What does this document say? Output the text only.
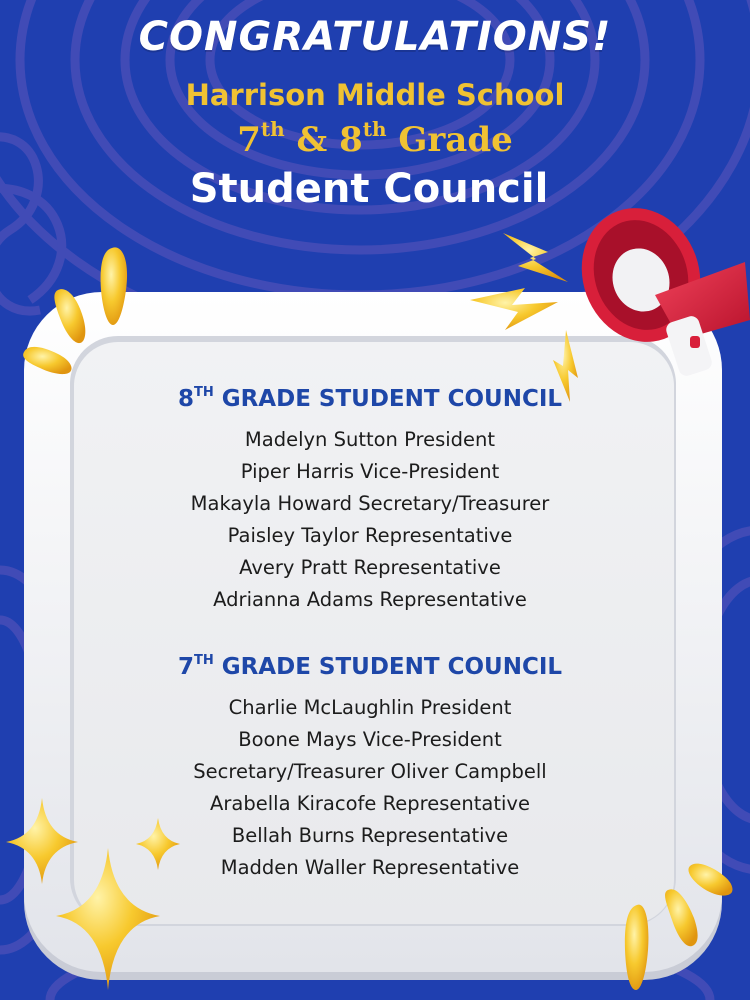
CONGRATULATIONS!
Harrison Middle School
7th & 8th Grade
Student Council
8TH GRADE STUDENT COUNCIL
Madelyn Sutton President
Piper Harris Vice-President
Makayla Howard Secretary/Treasurer
Paisley Taylor Representative
Avery Pratt Representative
Adrianna Adams Representative
7TH GRADE STUDENT COUNCIL
Charlie McLaughlin President
Boone Mays Vice-President
Secretary/Treasurer Oliver Campbell
Arabella Kiracofe Representative
Bellah Burns Representative
Madden Waller Representative
